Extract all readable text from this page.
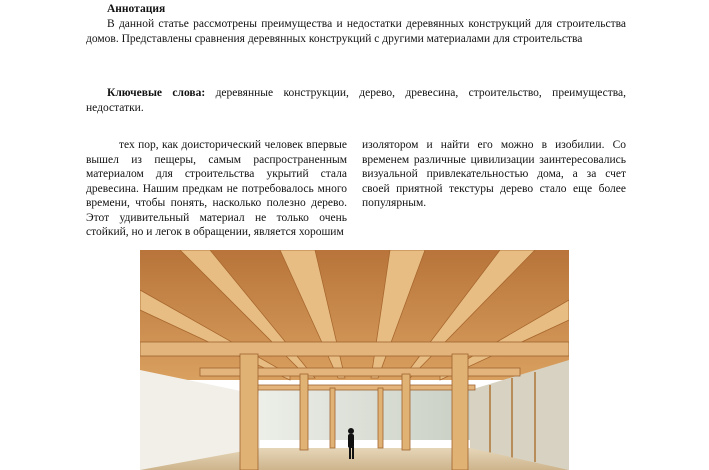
Аннотация
В данной статье рассмотрены преимущества и недостатки деревянных конструкций для строительства домов. Представлены сравнения деревянных конструкций с другими материалами для строительства
Ключевые слова: деревянные конструкции, дерево, древесина, строительство, преимущества, недостатки.
тех пор, как доисторический человек впервые вышел из пещеры, самым распространенным материалом для строительства укрытий стала древесина. Нашим предкам не потребовалось много времени, чтобы понять, насколько полезно дерево. Этот удивительный материал не только очень стойкий, но и легок в обращении, является хорошим
изолятором и найти его можно в изобилии. Со временем различные цивилизации заинтересовались визуальной привлекательностью дома, а за счет своей приятной текстуры дерево стало еще более популярным.
